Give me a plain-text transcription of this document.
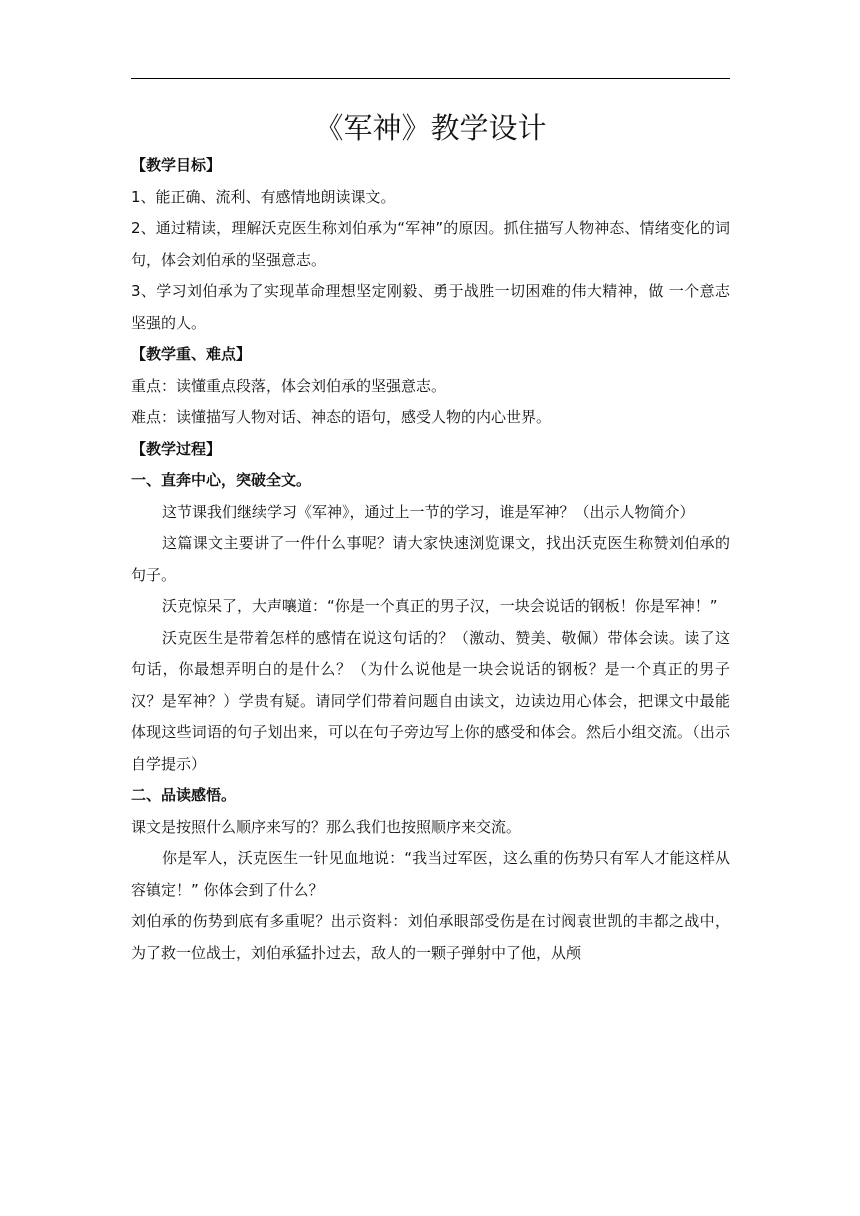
《军神》教学设计

【教学目标】

1、能正确、流利、有感情地朗读课文。

2、通过精读，理解沃克医生称刘伯承为“军神”的原因。抓住描写人物神态、情绪变化的词句，体会刘伯承的坚强意志。

3、学习刘伯承为了实现革命理想坚定刚毅、勇于战胜一切困难的伟大精神，做 一个意志坚强的人。

【教学重、难点】

重点：读懂重点段落，体会刘伯承的坚强意志。

难点：读懂描写人物对话、神态的语句，感受人物的内心世界。

【教学过程】

一、直奔中心，突破全文。

这节课我们继续学习《军神》，通过上一节的学习，谁是军神？（出示人物简介）

这篇课文主要讲了一件什么事呢？请大家快速浏览课文，找出沃克医生称赞刘伯承的句子。

沃克惊呆了，大声嚷道：“你是一个真正的男子汉，一块会说话的钢板！你是军神！”

沃克医生是带着怎样的感情在说这句话的？（激动、赞美、敬佩）带体会读。读了这句话，你最想弄明白的是什么？（为什么说他是一块会说话的钢板？是一个真正的男子汉？是军神？）学贵有疑。请同学们带着问题自由读文，边读边用心体会，把课文中最能体现这些词语的句子划出来，可以在句子旁边写上你的感受和体会。然后小组交流。（出示自学提示）

二、品读感悟。

课文是按照什么顺序来写的？那么我们也按照顺序来交流。

你是军人，沃克医生一针见血地说：“我当过军医，这么重的伤势只有军人才能这样从容镇定！” 你体会到了什么？

刘伯承的伤势到底有多重呢？出示资料：刘伯承眼部受伤是在讨阀袁世凯的丰都之战中，为了救一位战士，刘伯承猛扑过去，敌人的一颗子弹射中了他，从颅
